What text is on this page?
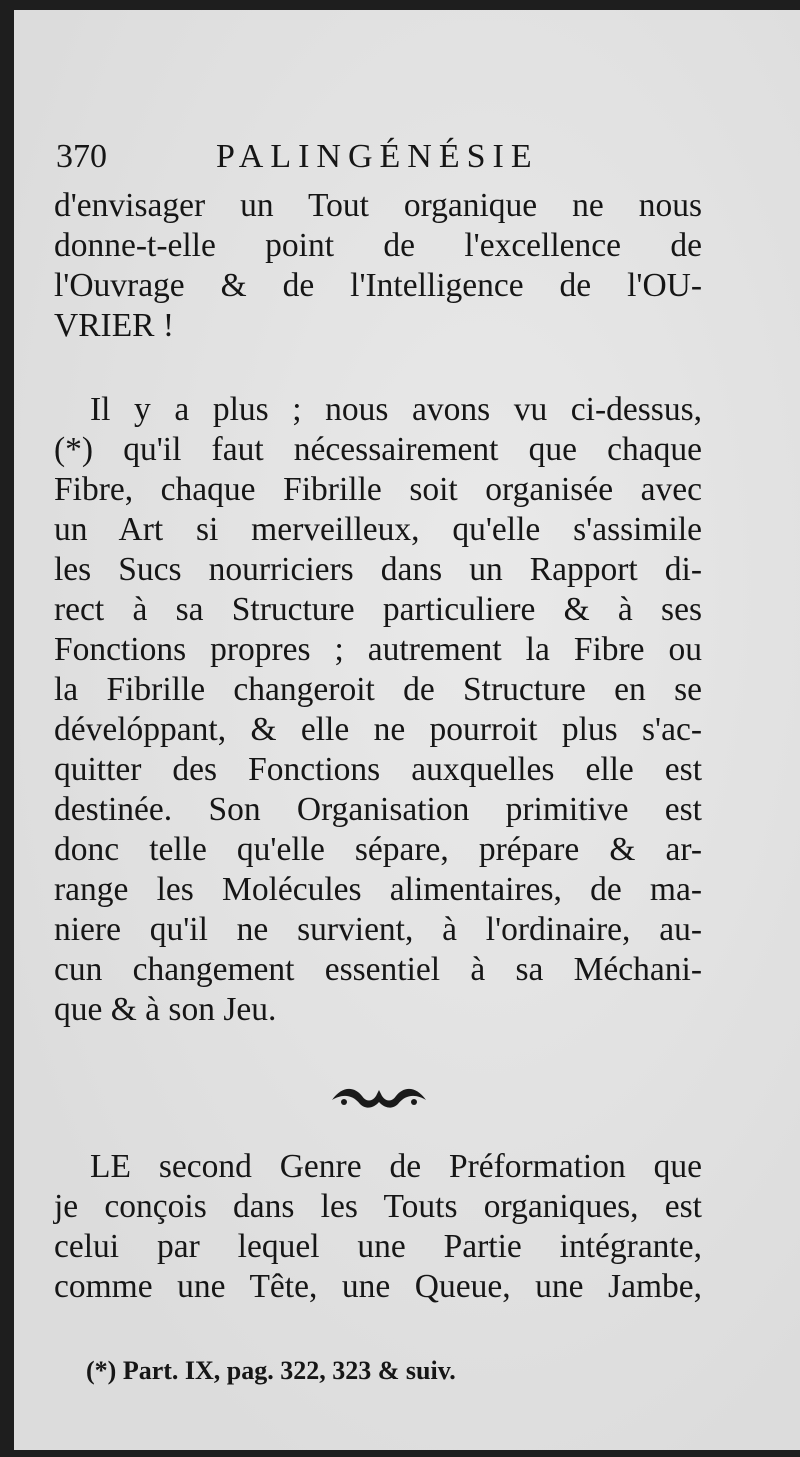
370	PALINGÉNÉSIE
d'envisager un Tout organique ne nous
donne-t-elle point de l'excellence de
l'Ouvrage & de l'Intelligence de l'OU-
VRIER !
Il y a plus ; nous avons vu ci-dessus,
(*) qu'il faut nécessairement que chaque
Fibre, chaque Fibrille soit organisée avec
un Art si merveilleux, qu'elle s'assimile
les Sucs nourriciers dans un Rapport di-
rect à sa Structure particuliere & à ses
Fonctions propres ; autrement la Fibre ou
la Fibrille changeroit de Structure en se
dévelóppant, & elle ne pourroit plus s'ac-
quitter des Fonctions auxquelles elle est
destinée. Son Organisation primitive est
donc telle qu'elle sépare, prépare & ar-
range les Molécules alimentaires, de ma-
niere qu'il ne survient, à l'ordinaire, au-
cun changement essentiel à sa Méchani-
que & à son Jeu.
LE second Genre de Préformation que
je conçois dans les Touts organiques, est
celui par lequel une Partie intégrante,
comme une Tête, une Queue, une Jambe,
(*) Part. IX, pag. 322, 323 & suiv.
